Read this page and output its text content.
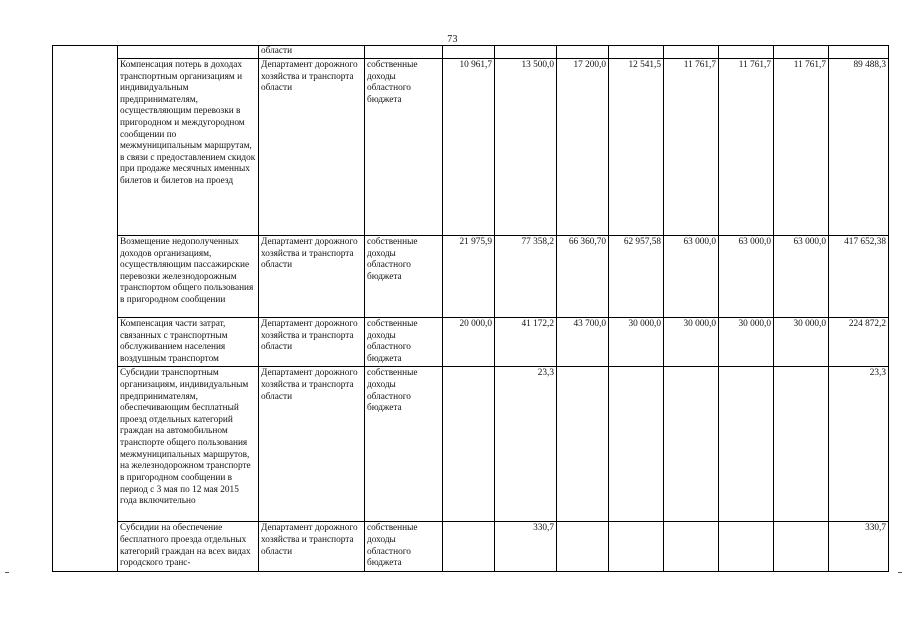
73
		области									
	Компенсация потерь в доходах транспортным организациям и индивидуальным предпринимателям, осуществляющим перевозки в пригородном и междугородном сообщении по межмуниципальным маршрутам, в связи с предоставлением скидок при продаже месячных именных билетов и билетов на проезд	Департамент дорожного хозяйства и транспорта области	собственные доходы областного бюджета	10 961,7	13 500,0	17 200,0	12 541,5	11 761,7	11 761,7	11 761,7	89 488,3
	Возмещение недополученных доходов организациям, осуществляющим пассажирские перевозки железнодорожным транспортом общего пользования в пригородном сообщении	Департамент дорожного хозяйства и транспорта области	собственные доходы областного бюджета	21 975,9	77 358,2	66 360,70	62 957,58	63 000,0	63 000,0	63 000,0	417 652,38
	Компенсация части затрат, связанных с транспортным обслуживанием населения воздушным транспортом	Департамент дорожного хозяйства и транспорта области	собственные доходы областного бюджета	20 000,0	41 172,2	43 700,0	30 000,0	30 000,0	30 000,0	30 000,0	224 872,2
	Субсидии транспортным организациям, индивидуальным предпринимателям, обеспечивающим бесплатный проезд отдельных категорий граждан на автомобильном транспорте общего пользования межмуниципальных маршрутов, на железнодорожном транспорте в пригородном сообщении в период с 3 мая по 12 мая 2015 года включительно	Департамент дорожного хозяйства и транспорта области	собственные доходы областного бюджета		23,3						23,3
	Субсидии на обеспечение бесплатного проезда отдельных категорий граждан на всех видах городского транс-	Департамент дорожного хозяйства и транспорта области	собственные доходы областного бюджета		330,7						330,7
